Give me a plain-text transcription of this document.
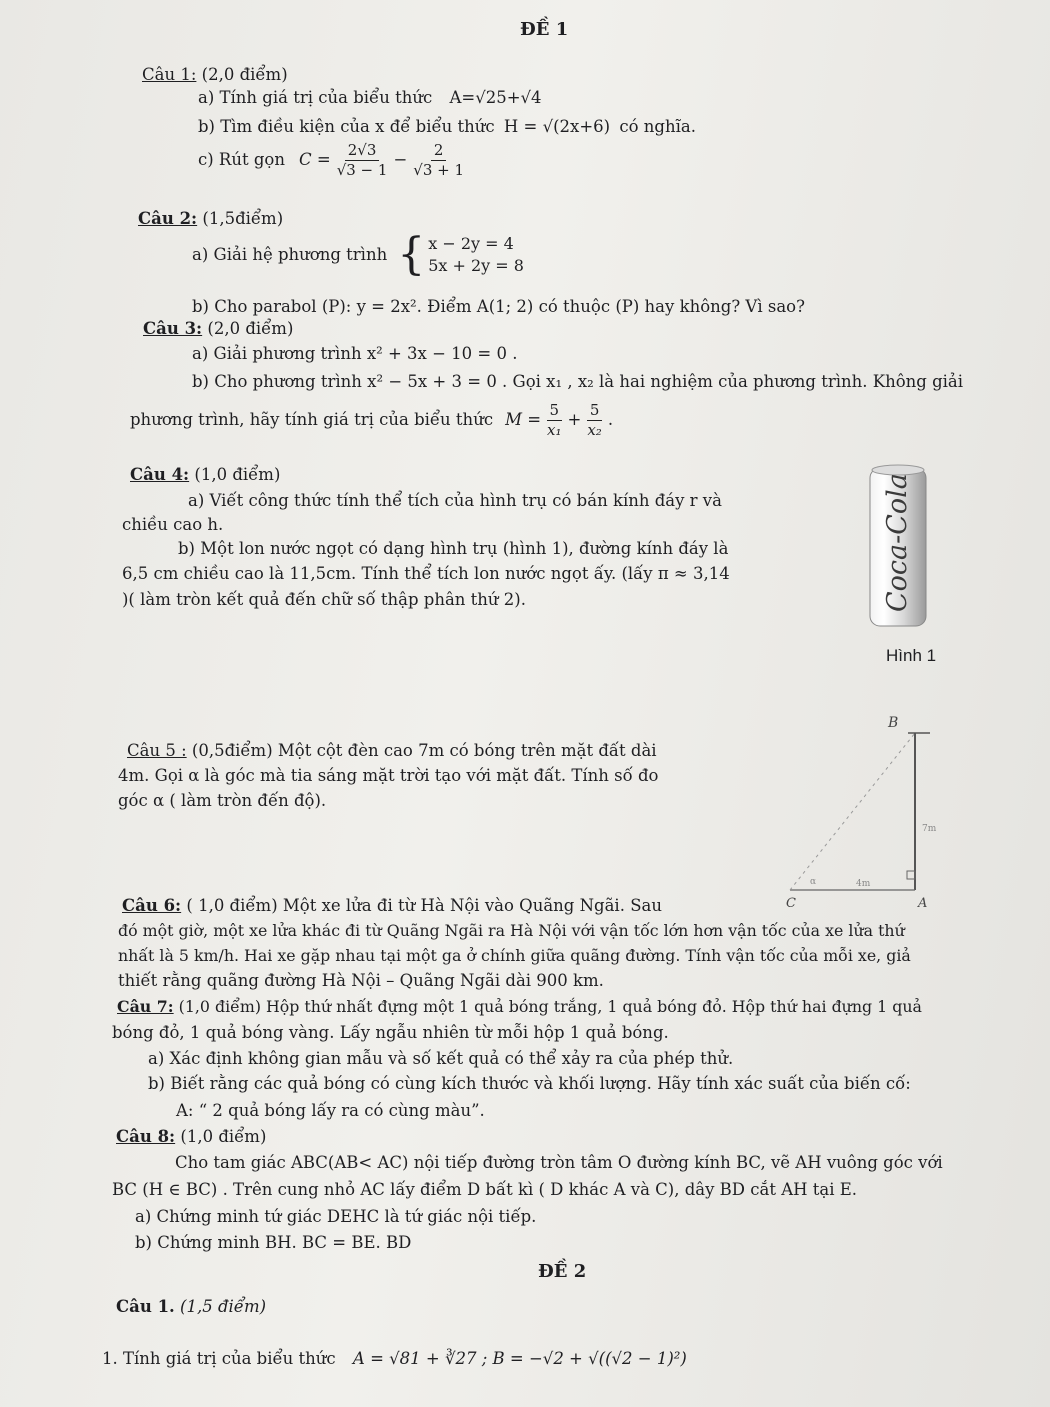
ĐỀ 1
Câu 1: (2,0 điểm)
a) Tính giá trị của biểu thức A=√25+√4
b) Tìm điều kiện của x để biểu thức H = √(2x+6) có nghĩa.
c) Rút gọn $C = \frac{2√3}{√3 - 1} - \frac{2}{√3 + 1}$
Câu 2: (1,5điểm)
a) Giải hệ phương trình { x − 2y = 4
5x + 2y = 8
b) Cho parabol (P): y = 2x². Điểm A(1; 2) có thuộc (P) hay không? Vì sao?
Câu 3: (2,0 điểm)
a) Giải phương trình x² + 3x − 10 = 0 .
b) Cho phương trình x² − 5x + 3 = 0 . Gọi x₁ , x₂ là hai nghiệm của phương trình. Không giải
phương trình, hãy tính giá trị của biểu thức $M = \frac{5}{\text{x₁}} + \frac{5}{\text{x₂}}$ .
Câu 4: (1,0 điểm)
a) Viết công thức tính thể tích của hình trụ có bán kính đáy r và
chiều cao h.
b) Một lon nước ngọt có dạng hình trụ (hình 1), đường kính đáy là
6,5 cm chiều cao là 11,5cm. Tính thể tích lon nước ngọt ấy. (lấy π ≈ 3,14
)( làm tròn kết quả đến chữ số thập phân thứ 2).	Coca-Cola
Hình 1
Câu 5 : (0,5điểm) Một cột đèn cao 7m có bóng trên mặt đất dài
4m. Gọi α là góc mà tia sáng mặt trời tạo với mặt đất. Tính số đo
góc α ( làm tròn đến độ).
B
C	A
7m
4m
α
Câu 6: ( 1,0 điểm) Một xe lửa đi từ Hà Nội vào Quãng Ngãi. Sau
đó một giờ, một xe lửa khác đi từ Quãng Ngãi ra Hà Nội với vận tốc lớn hơn vận tốc của xe lửa thứ
nhất là 5 km/h. Hai xe gặp nhau tại một ga ở chính giữa quãng đường. Tính vận tốc của mỗi xe, giả
thiết rằng quãng đường Hà Nội – Quãng Ngãi dài 900 km.
Câu 7: (1,0 điểm) Hộp thứ nhất đựng một 1 quả bóng trắng, 1 quả bóng đỏ. Hộp thứ hai đựng 1 quả
bóng đỏ, 1 quả bóng vàng. Lấy ngẫu nhiên từ mỗi hộp 1 quả bóng.
a) Xác định không gian mẫu và số kết quả có thể xảy ra của phép thử.
b) Biết rằng các quả bóng có cùng kích thước và khối lượng. Hãy tính xác suất của biến cố:
A: “ 2 quả bóng lấy ra có cùng màu”.
Câu 8: (1,0 điểm)
Cho tam giác ABC(AB< AC) nội tiếp đường tròn tâm O đường kính BC, vẽ AH vuông góc với
BC (H ∈ BC) . Trên cung nhỏ AC lấy điểm D bất kì ( D khác A và C), dây BD cắt AH tại E.
a) Chứng minh tứ giác DEHC là tứ giác nội tiếp.
b) Chứng minh BH. BC = BE. BD
ĐỀ 2
Câu 1. (1,5 điểm)
1. Tính giá trị của biểu thức A = √81 + ∛27 ; B = −√2 + √((√2 − 1)²)
